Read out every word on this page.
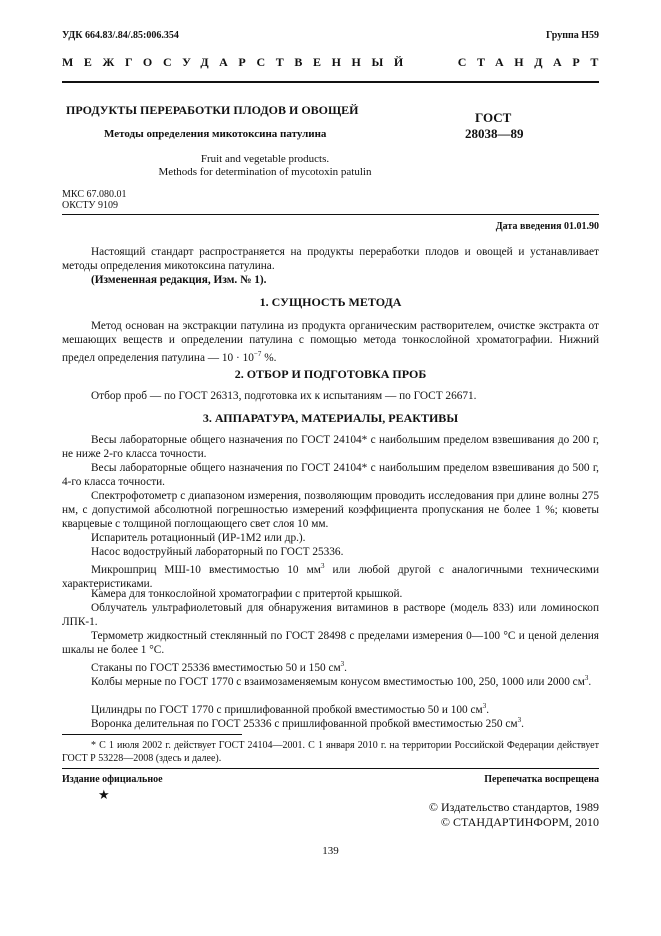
УДК 664.83/.84/.85:006.354	Группа Н59
МЕЖГОСУДАРСТВЕННЫЙ	СТАНДАРТ
ПРОДУКТЫ ПЕРЕРАБОТКИ ПЛОДОВ И ОВОЩЕЙ
Методы определения микотоксина патулина
ГОСТ
28038—89
Fruit and vegetable products.
Methods for determination of mycotoxin patulin
МКС 67.080.01
ОКСТУ 9109
Дата введения 01.01.90
Настоящий стандарт распространяется на продукты переработки плодов и овощей и устанавливает методы определения микотоксина патулина.
(Измененная редакция, Изм. № 1).
1. СУЩНОСТЬ МЕТОДА
Метод основан на экстракции патулина из продукта органическим растворителем, очистке экстракта от мешающих веществ и определении патулина с помощью метода тонкослойной хроматографии. Нижний предел определения патулина — $10 \cdot 10^{-7}$ %.
2. ОТБОР И ПОДГОТОВКА ПРОБ
Отбор проб — по ГОСТ 26313, подготовка их к испытаниям — по ГОСТ 26671.
3. АППАРАТУРА, МАТЕРИАЛЫ, РЕАКТИВЫ
Весы лабораторные общего назначения по ГОСТ 24104* с наибольшим пределом взвешивания до 200 г, не ниже 2-го класса точности.
Весы лабораторные общего назначения по ГОСТ 24104* с наибольшим пределом взвешивания до 500 г, 4-го класса точности.
Спектрофотометр с диапазоном измерения, позволяющим проводить исследования при длине волны 275 нм, с допустимой абсолютной погрешностью измерений коэффициента пропускания не более 1 %; кюветы кварцевые с толщиной поглощающего свет слоя 10 мм.
Испаритель ротационный (ИР-1М2 или др.).
Насос водоструйный лабораторный по ГОСТ 25336.
Микрошприц МШ-10 вместимостью 10 $мм^3$ или любой другой с аналогичными техническими характеристиками.
Камера для тонкослойной хроматографии с притертой крышкой.
Облучатель ультрафиолетовый для обнаружения витаминов в растворе (модель 833) или ломиноскоп ЛПК-1.
Термометр жидкостный стеклянный по ГОСТ 28498 с пределами измерения 0—100 °С и ценой деления шкалы не более 1 °С.
Стаканы по ГОСТ 25336 вместимостью 50 и 150 $см^3$.
Колбы мерные по ГОСТ 1770 с взаимозаменяемым конусом вместимостью 100, 250, 1000 или 2000 $см^3$.
Цилиндры по ГОСТ 1770 с пришлифованной пробкой вместимостью 50 и 100 $см^3$.
Воронка делительная по ГОСТ 25336 с пришлифованной пробкой вместимостью 250 $см^3$.
* С 1 июля 2002 г. действует ГОСТ 24104—2001. С 1 января 2010 г. на территории Российской Федерации действует ГОСТ Р 53228—2008 (здесь и далее).
Издание официальное	Перепечатка воспрещена
★
© Издательство стандартов, 1989
© СТАНДАРТИНФОРМ, 2010
139
